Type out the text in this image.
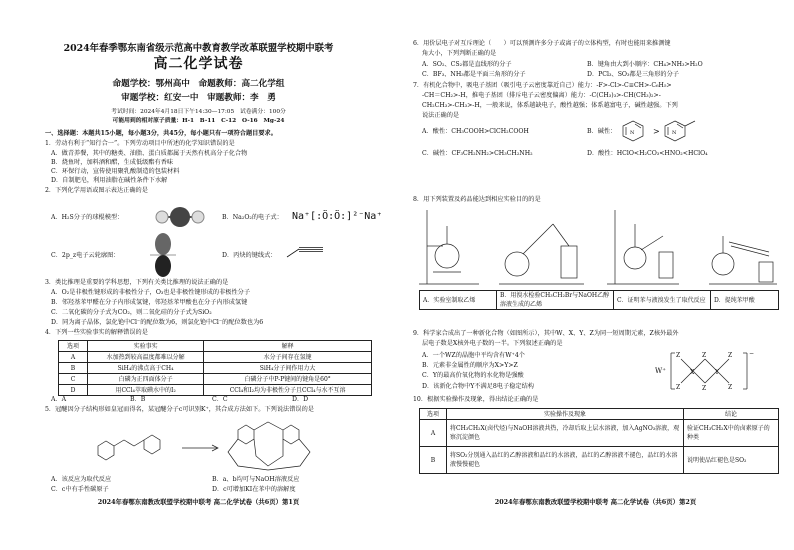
2024年春季鄂东南省级示范高中教育教学改革联盟学校期中联考
高二化学试卷
命题学校：鄂州高中　命题教师：高二化学组
审题学校：红安一中　审题教师：李　勇
考试时间：2024年4月18日下午14:30—17:05　试卷满分：100分
可能用到的相对原子质量：H-1　B-11　C-12　O-16　Mg-24
一、选择题：本题共15小题，每小题3分，共45分，每小题只有一项符合题目要求。
1．劳动有利于“知行合一”。下列劳动项目中所述的化学知识错误的是
A．做青养餐，其中的糖类、油脂、蛋白质都属于天然有机高分子化合物
B．烧鱼时，加料酒和醋，生成低级酯有香味
C．环保行动，宣传使用聚乳酸制造的包装材料
D．自制肥皂，利用油脂在碱性条件下水解
2．下列化学用语或图示表达正确的是
A．H₂S分子的球棍模型：	B．Na₂O₂的电子式： Na⁺[:Ö:Ö:]²⁻Na⁺
C．2p_z电子云轮廓图：	D．丙炔的键线式：
3．类比推理是重要的学科思想，下列有关类比推理的说法正确的是
A．O₂是非极性键形成的非极性分子，O₃也是非极性键形成的非极性分子
B．邻羟基苯甲醛在分子内形成氢键，邻羟基苯甲酸也在分子内形成氢键
C．二氧化碳的分子式为CO₂，则二氧化硅的分子式为SiO₂
D．同为离子晶体，氯化铯中Cl⁻的配位数为6，则氯化铯中Cl⁻的配位数也为6
4．下列一些实验事实的解释错误的是
选项	实验事实	解释
A	水加热到较高温度都难以分解	水分子间存在氢键
B	SiH₄的沸点高于CH₄	SiH₄分子间作用力大
C	白磷为正四面体分子	白磷分子中P-P键间的键角是60°
D	用CCl₄萃取碘水中的I₂	CCl₄和I₂均为非极性分子且CCl₄与水不互溶
A．A	B．B	C．C	D．D
5．冠醚因分子结构形如皇冠而得名，某冠醚分子c可识别K⁺，其合成方法如下。下列说法错误的是
A．该反应为取代反应	B．a、b均可与NaOH溶液反应
C．c中有手性碳原子	D．c可增加KI在苯中的溶解度
2024年春鄂东南教改联盟学校期中联考 高二化学试卷（共6页）第1页
6．用价层电子对互斥理论（　　）可以预测许多分子或离子的立体构型，有时也能用来推测键
角大小，下列判断正确的是
A．SO₂、CS₂都是直线形的分子	B．键角由大到小顺序：CH₄>NH₃>H₂O
C．BF₃、NH₃都是平面三角形的分子	D．PCl₃、SO₃都是三角形的分子
7．有机化合物中，吸电子基团（吸引电子云密度靠近自己）能力：-F>-Cl>-C≡CH>-C₆H₅>
-CH＝CH₂>-H，推电子基团（排斥电子云密度偏离）能力：-C(CH₃)₃>-CH(CH₃)₂>-
CH₂CH₃>-CH₃>-H，一般来说，体系越缺电子，酸性越强；体系越富电子，碱性越强。下列
说法正确的是
A．酸性：CH₃COOH>ClCH₂COOH	B．碱性：	N > N
C．碱性：CF₃CH₂NH₂>CH₃CH₂NH₂	D．酸性：HClO<H₂CO₃<HNO₂<HClO₄
8．用下列装置及药品能达到相应实验目的的是
A．实验室制取乙烯	B．用溴水检验CH₃CH₂Br与NaOH乙醇溶液生成的乙烯	C．证明苯与液溴发生了取代反应	D．提纯苯甲酸
9．科学家合成出了一种新化合物（如图所示），其中W、X、Y、Z为同一短周期元素，Z核外最外
层电子数是X核外电子数的一半。下列叙述正确的是
A．一个WZ的晶胞中平均含有W⁺4个
B．元素非金属性的顺序为X>Y>Z
C．Y的最高价氧化物的水化物是强酸
D．该新化合物中Y不满足8电子稳定结构
W⁺
−
X	Y
Z
Z
Z
Z
Z
Z
10．根据实验操作及现象，得出结论正确的是
选项	实验操作及现象	结论
A	将CH₃CH₂X(卤代烃)与NaOH溶液共热，冷却后取上层水溶液，加入AgNO₃溶液，观察沉淀颜色	验证CH₃CH₂X中的卤素原子的种类
B	将SO₂分别通入品红的乙醇溶液和品红的水溶液，品红的乙醇溶液不褪色，品红的水溶液慢慢褪色	说明使品红褪色是SO₂
2024年春鄂东南教改联盟学校期中联考 高二化学试卷（共6页）第2页
